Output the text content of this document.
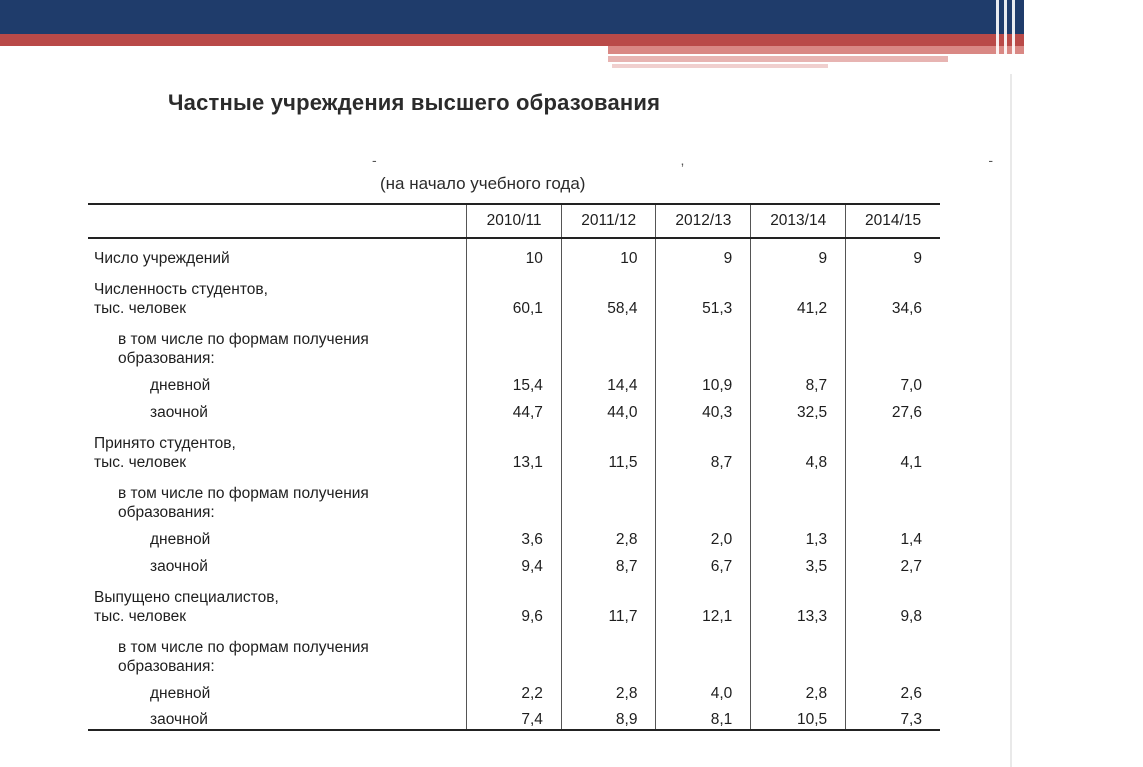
Частные учреждения высшего образования
- , -
(на начало учебного года)
	2010/11	2011/12	2012/13	2013/14	2014/15

Число учреждений	10	10	9	9	9

Численность студентов,
тыс. человек	60,1	58,4	51,3	41,2	34,6

в том числе по формам получения
образования:					

дневной	15,4	14,4	10,9	8,7	7,0

заочной	44,7	44,0	40,3	32,5	27,6

Принято студентов,
тыс. человек	13,1	11,5	8,7	4,8	4,1

в том числе по формам получения
образования:					

дневной	3,6	2,8	2,0	1,3	1,4

заочной	9,4	8,7	6,7	3,5	2,7

Выпущено специалистов,
тыс. человек	9,6	11,7	12,1	13,3	9,8

в том числе по формам получения
образования:					

дневной	2,2	2,8	4,0	2,8	2,6

заочной	7,4	8,9	8,1	10,5	7,3
